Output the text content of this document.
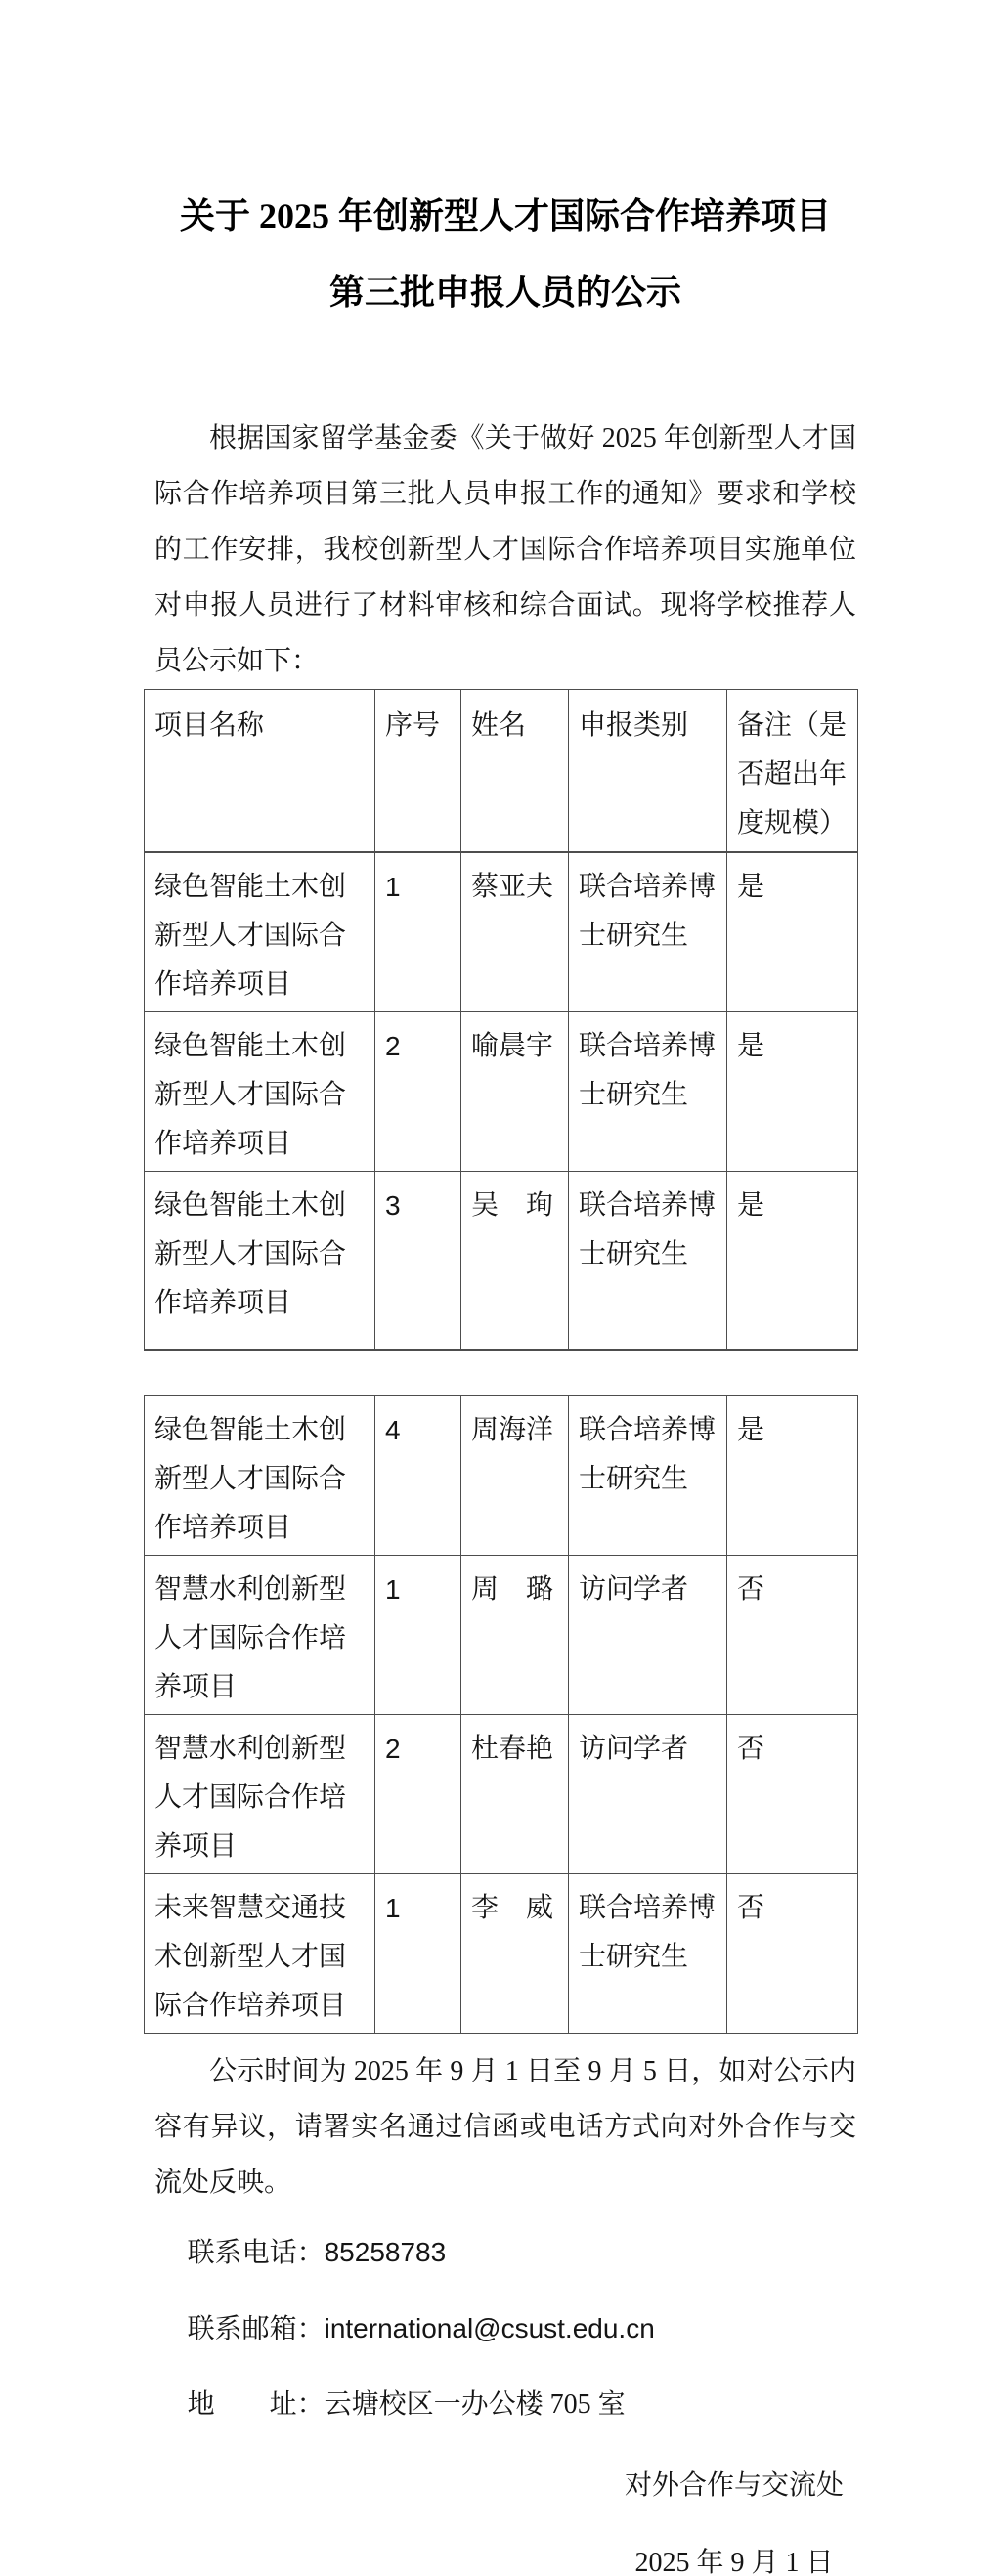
关于 2025 年创新型人才国际合作培养项目
第三批申报人员的公示

根据国家留学基金委《关于做好 2025 年创新型人才国际合作培养项目第三批人员申报工作的通知》要求和学校的工作安排，我校创新型人才国际合作培养项目实施单位对申报人员进行了材料审核和综合面试。现将学校推荐人员公示如下：

项目名称	序号	姓名	申报类别	备注（是否超出年度规模）
绿色智能土木创新型人才国际合作培养项目	1	蔡亚夫	联合培养博士研究生	是
绿色智能土木创新型人才国际合作培养项目	2	喻晨宇	联合培养博士研究生	是
绿色智能土木创新型人才国际合作培养项目	3	吴　珣	联合培养博士研究生	是
绿色智能土木创新型人才国际合作培养项目	4	周海洋	联合培养博士研究生	是
智慧水利创新型人才国际合作培养项目	1	周　璐	访问学者	否
智慧水利创新型人才国际合作培养项目	2	杜春艳	访问学者	否
未来智慧交通技术创新型人才国际合作培养项目	1	李　威	联合培养博士研究生	否

公示时间为 2025 年 9 月 1 日至 9 月 5 日，如对公示内容有异议，请署实名通过信函或电话方式向对外合作与交流处反映。

联系电话：85258783
联系邮箱：international@csust.edu.cn
地　　址：云塘校区一办公楼 705 室
对外合作与交流处
2025 年 9 月 1 日
